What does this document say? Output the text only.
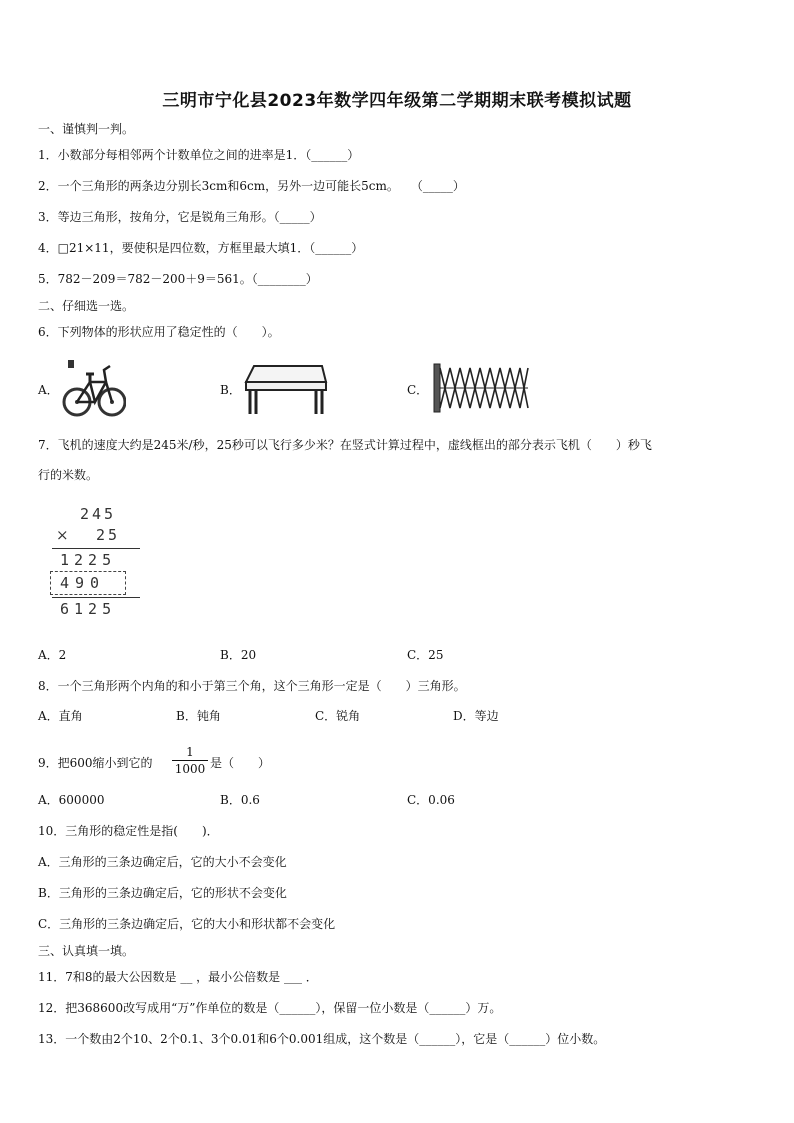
三明市宁化县2023年数学四年级第二学期期末联考模拟试题
一、谨慎判一判。
1．小数部分每相邻两个计数单位之间的进率是1．（______）
2．一个三角形的两条边分别长3cm和6cm，另外一边可能长5cm。　　（_____）
3．等边三角形，按角分，它是锐角三角形。（_____）
4．□21×11，要使积是四位数，方框里最大填1．（______）
5．782－209＝782－200＋9＝561。（________）
二、仔细选一选。
6．下列物体的形状应用了稳定性的（　　）。
A．	B．	C．
7．飞机的速度大约是245米/秒，25秒可以飞行多少米？在竖式计算过程中，虚线框出的部分表示飞机（　　）秒飞
行的米数。
245
× 25
1225
490
6125
A．2	B．20	C．25
8．一个三角形两个内角的和小于第三个角，这个三角形一定是（　　）三角形。
A．直角	B．钝角	C．锐角	D．等边
9．把600缩小到它的 $\frac{1}{1000}$ 是（　　）
A．600000	B．0.6	C．0.06
10．三角形的稳定性是指(　　)．
A．三角形的三条边确定后，它的大小不会变化
B．三角形的三条边确定后，它的形状不会变化
C．三角形的三条边确定后，它的大小和形状都不会变化
三、认真填一填。
11．7和8的最大公因数是 __ ，最小公倍数是 ___ ．
12．把368600改写成用“万”作单位的数是（______），保留一位小数是（______）万。
13．一个数由2个10、2个0.1、3个0.01和6个0.001组成，这个数是（______），它是（______）位小数。
